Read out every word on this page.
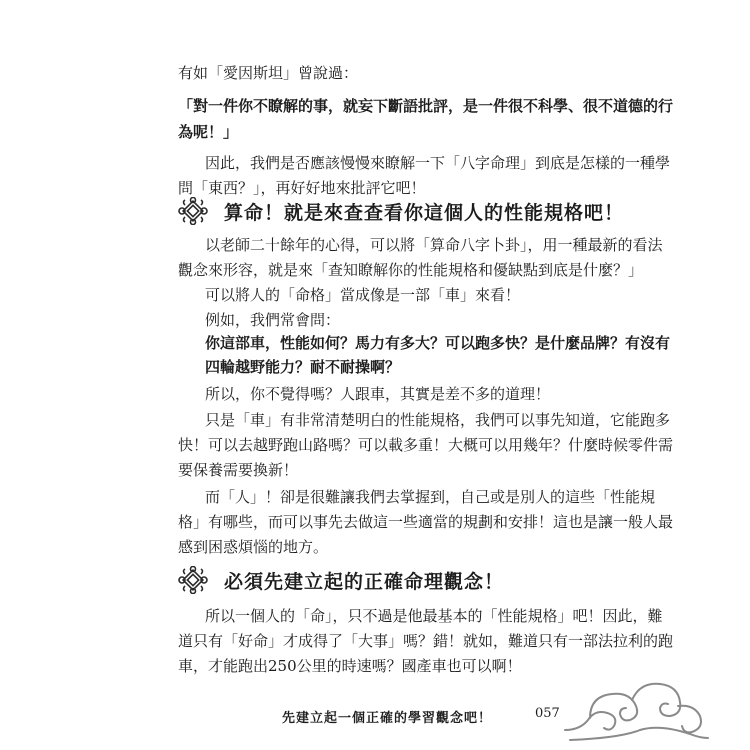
有如「愛因斯坦」曾說過：
「對一件你不瞭解的事，就妄下斷語批評，是一件很不科學、很不道德的行
為呢！」
因此，我們是否應該慢慢來瞭解一下「八字命理」到底是怎樣的一種學
問「東西？」，再好好地來批評它吧！
算命！就是來查查看你這個人的性能規格吧！
以老師二十餘年的心得，可以將「算命八字卜卦」，用一種最新的看法
觀念來形容，就是來「查知瞭解你的性能規格和優缺點到底是什麼？」
可以將人的「命格」當成像是一部「車」來看！
例如，我們常會問：
你這部車，性能如何？馬力有多大？可以跑多快？是什麼品牌？有沒有
四輪越野能力？耐不耐操啊？
所以，你不覺得嗎？人跟車，其實是差不多的道理！
只是「車」有非常清楚明白的性能規格，我們可以事先知道，它能跑多
快！可以去越野跑山路嗎？可以載多重！大概可以用幾年？什麼時候零件需
要保養需要換新！
而「人」！卻是很難讓我們去掌握到，自己或是別人的這些「性能規
格」有哪些，而可以事先去做這一些適當的規劃和安排！這也是讓一般人最
感到困惑煩惱的地方。
必須先建立起的正確命理觀念！
所以一個人的「命」，只不過是他最基本的「性能規格」吧！因此，難
道只有「好命」才成得了「大事」嗎？錯！就如，難道只有一部法拉利的跑
車，才能跑出250公里的時速嗎？國產車也可以啊！
先建立起一個正確的學習觀念吧！	057
